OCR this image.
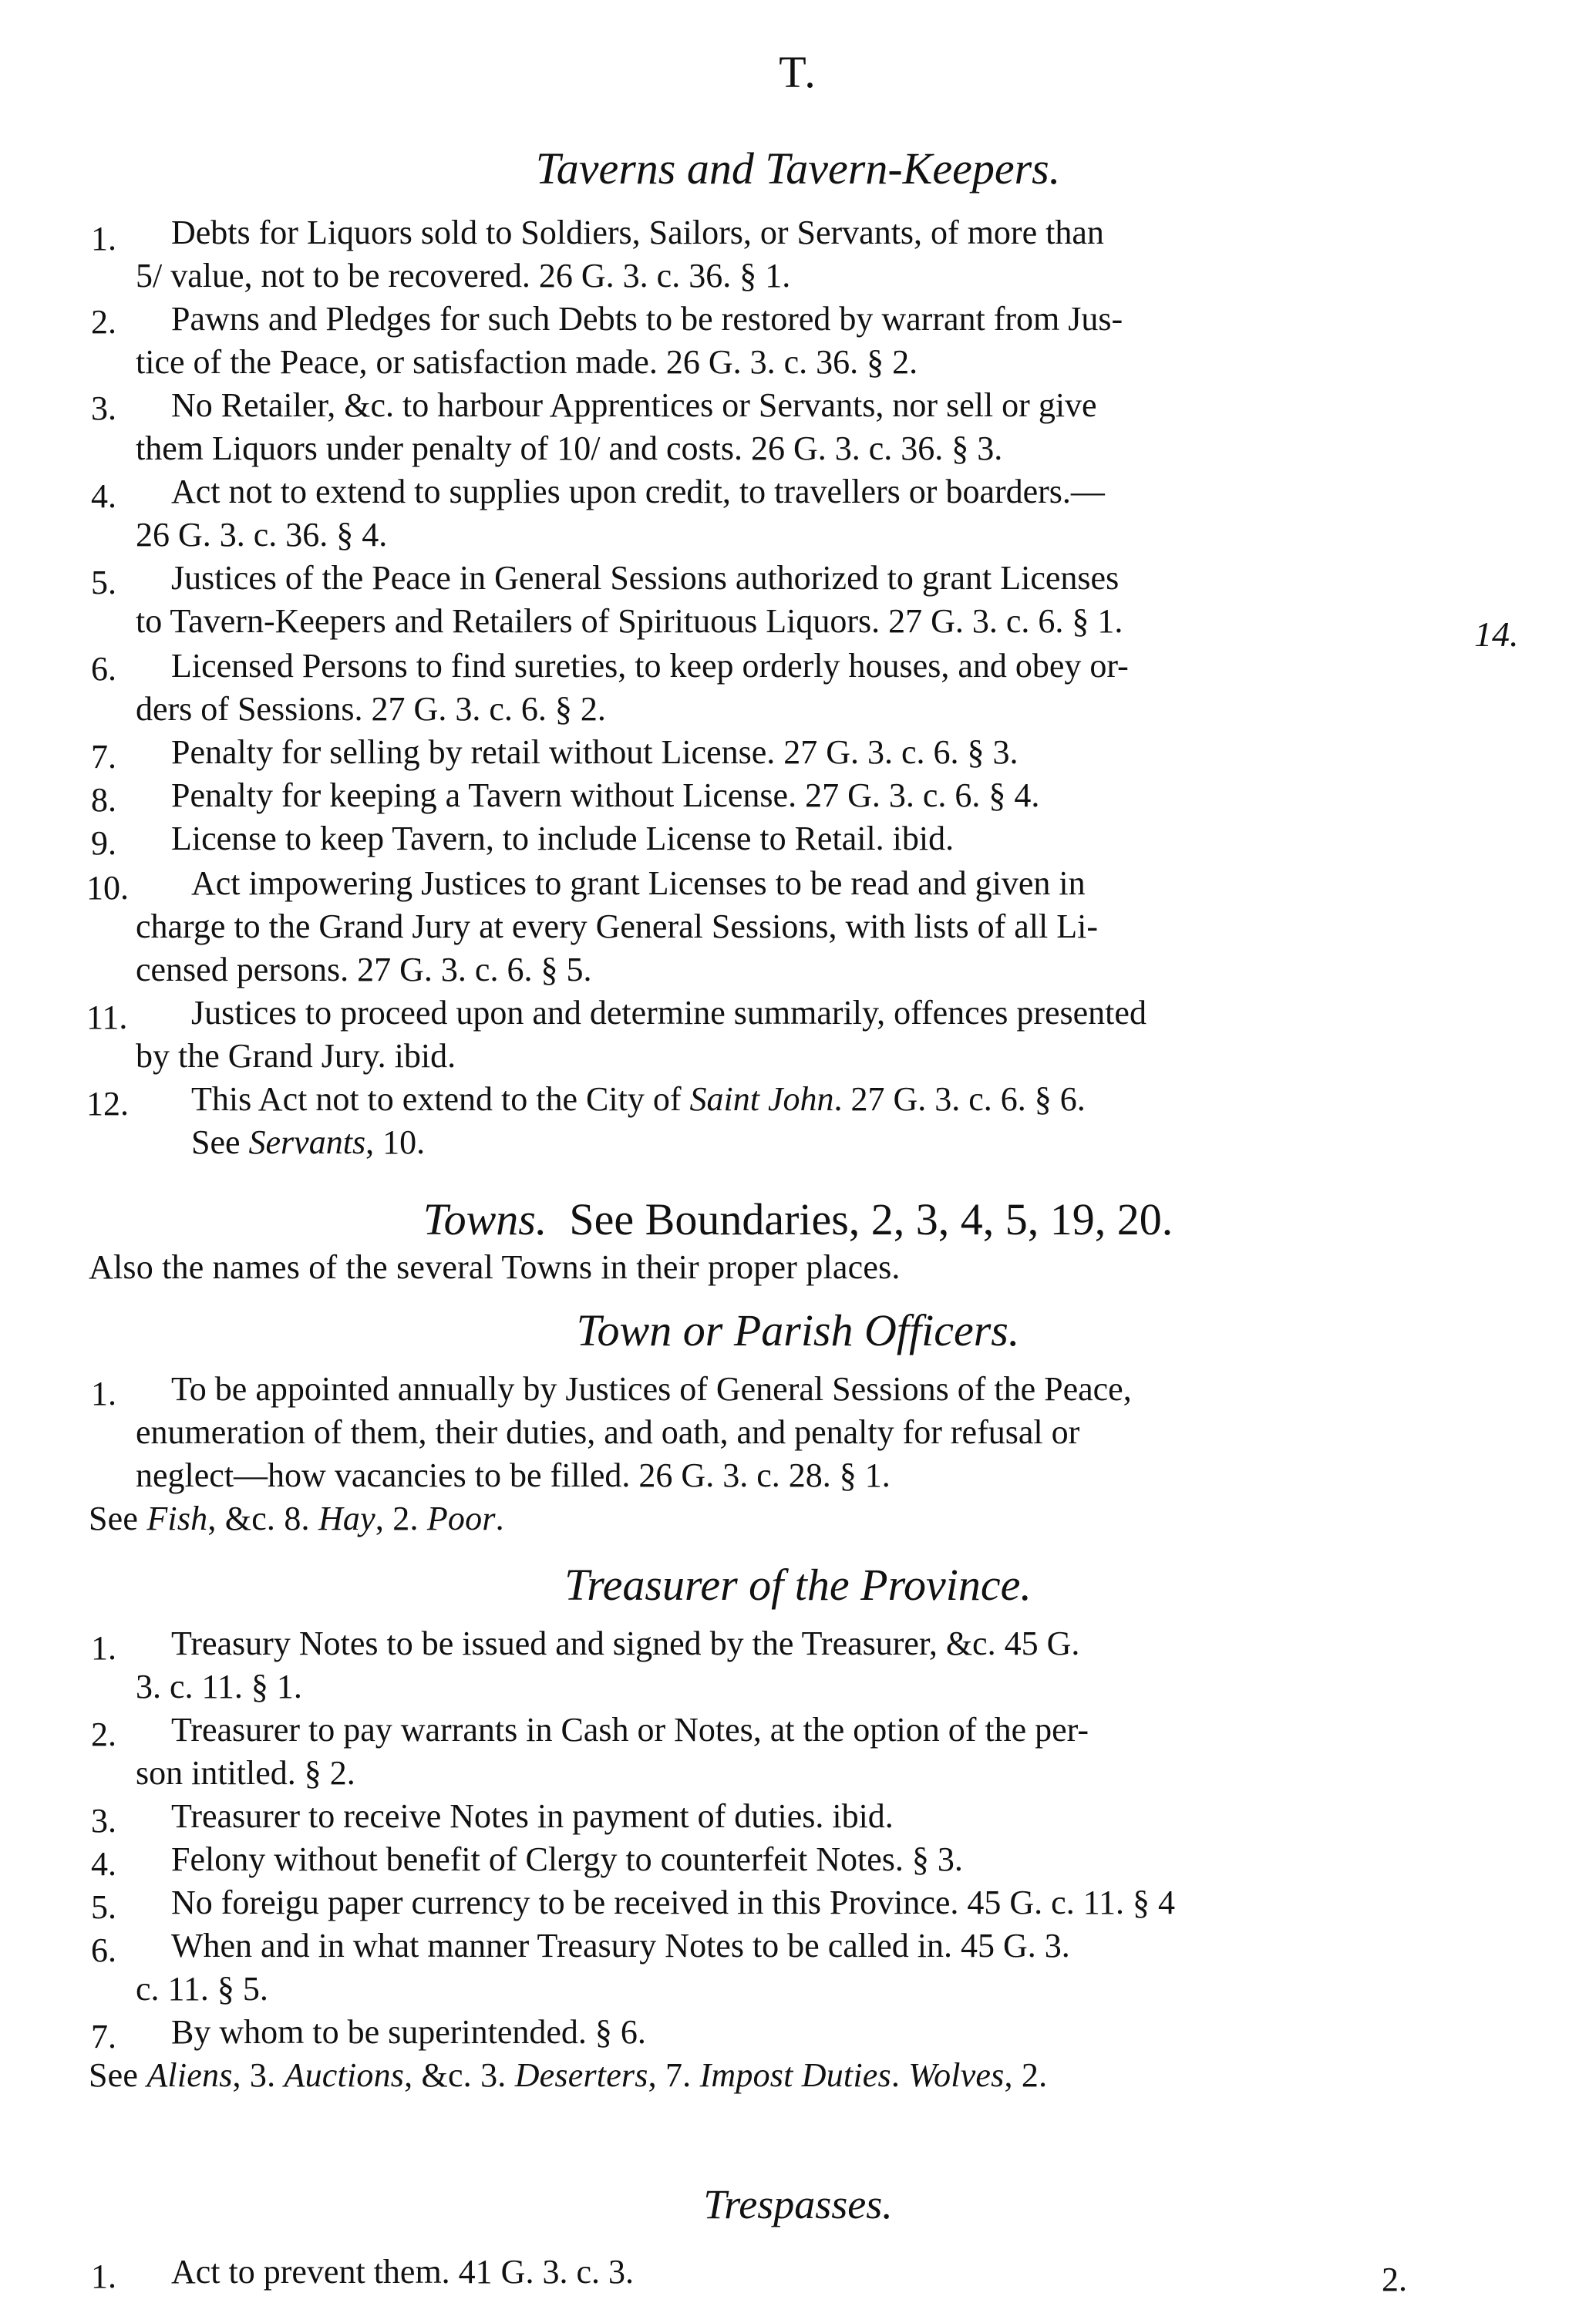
T.
Taverns and Tavern-Keepers.
1. Debts for Liquors sold to Soldiers, Sailors, or Servants, of more than
5/ value, not to be recovered. 26 G. 3. c. 36. § 1.
2. Pawns and Pledges for such Debts to be restored by warrant from Jus-
tice of the Peace, or satisfaction made. 26 G. 3. c. 36. § 2.
3. No Retailer, &c. to harbour Apprentices or Servants, nor sell or give
them Liquors under penalty of 10/ and costs. 26 G. 3. c. 36. § 3.
4. Act not to extend to supplies upon credit, to travellers or boarders.—
26 G. 3. c. 36. § 4.
5. Justices of the Peace in General Sessions authorized to grant Licenses
to Tavern-Keepers and Retailers of Spirituous Liquors. 27 G. 3. c. 6. § 1.	14.
6. Licensed Persons to find sureties, to keep orderly houses, and obey or-
ders of Sessions. 27 G. 3. c. 6. § 2.
7. Penalty for selling by retail without License. 27 G. 3. c. 6. § 3.
8. Penalty for keeping a Tavern without License. 27 G. 3. c. 6. § 4.
9. License to keep Tavern, to include License to Retail. ibid.
10. Act impowering Justices to grant Licenses to be read and given in
charge to the Grand Jury at every General Sessions, with lists of all Li-
censed persons. 27 G. 3. c. 6. § 5.
11. Justices to proceed upon and determine summarily, offences presented
by the Grand Jury. ibid.
12. This Act not to extend to the City of Saint John. 27 G. 3. c. 6. § 6.
See Servants, 10.
Towns. See Boundaries, 2, 3, 4, 5, 19, 20.
Also the names of the several Towns in their proper places.
Town or Parish Officers.
1. To be appointed annually by Justices of General Sessions of the Peace,
enumeration of them, their duties, and oath, and penalty for refusal or
neglect—how vacancies to be filled. 26 G. 3. c. 28. § 1.
See Fish, &c. 8. Hay, 2. Poor.
Treasurer of the Province.
1. Treasury Notes to be issued and signed by the Treasurer, &c. 45 G.
3. c. 11. § 1.
2. Treasurer to pay warrants in Cash or Notes, at the option of the per-
son intitled. § 2.
3. Treasurer to receive Notes in payment of duties. ibid.
4. Felony without benefit of Clergy to counterfeit Notes. § 3.
5. No foreigu paper currency to be received in this Province. 45 G. c. 11. § 4
6. When and in what manner Treasury Notes to be called in. 45 G. 3.
c. 11. § 5.
7. By whom to be superintended. § 6.
See Aliens, 3. Auctions, &c. 3. Deserters, 7. Impost Duties. Wolves, 2.
Trespasses.
1. Act to prevent them. 41 G. 3. c. 3.	2.
